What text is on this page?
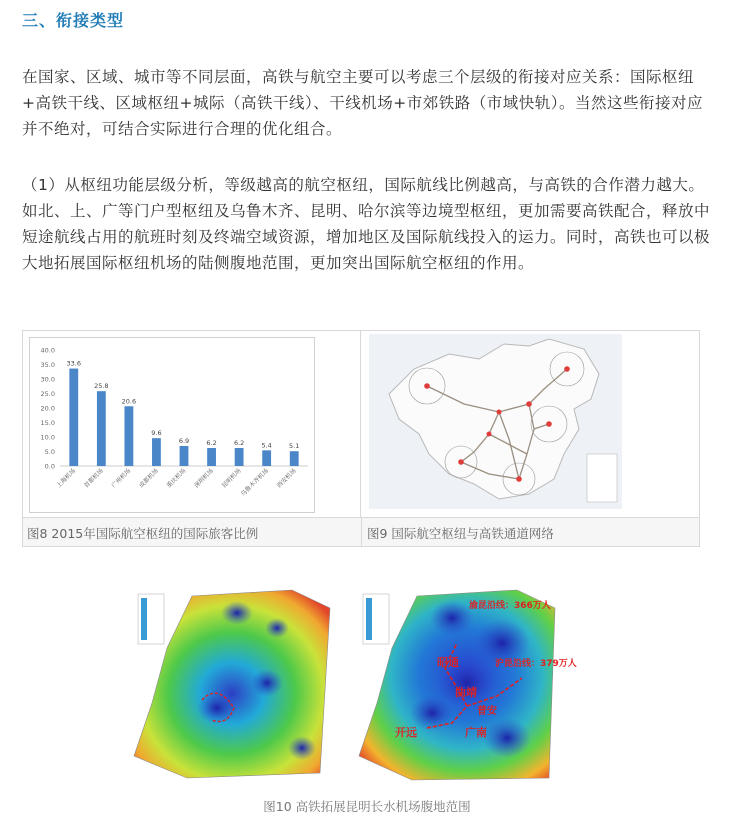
三、衔接类型
在国家、区域、城市等不同层面，高铁与航空主要可以考虑三个层级的衔接对应关系：国际枢纽+高铁干线、区域枢纽+城际（高铁干线）、干线机场+市郊铁路（市域快轨）。当然这些衔接对应并不绝对，可结合实际进行合理的优化组合。
（1）从枢纽功能层级分析，等级越高的航空枢纽，国际航线比例越高，与高铁的合作潜力越大。如北、上、广等门户型枢纽及乌鲁木齐、昆明、哈尔滨等边境型枢纽，更加需要高铁配合，释放中短途航线占用的航班时刻及终端空域资源，增加地区及国际航线投入的运力。同时，高铁也可以极大地拓展国际枢纽机场的陆侧腹地范围，更加突出国际航空枢纽的作用。
0.0
5.0
10.0
15.0
20.0
25.0
30.0
35.0
40.0
33.6
上海机场
25.8
首都机场
20.6
广州机场
9.6
成都机场
6.9
重庆机场
6.2
深圳机场
6.2
昆明机场
5.4
乌鲁木齐机场
5.1
西安机场
图8 2015年国际航空枢纽的国际旅客比例	图9 国际航空枢纽与高铁通道网络
渝昆沿线：366万人
沪昆沿线：379万人
昭通
曲靖
开远	广南
普安
图10 高铁拓展昆明长水机场腹地范围
